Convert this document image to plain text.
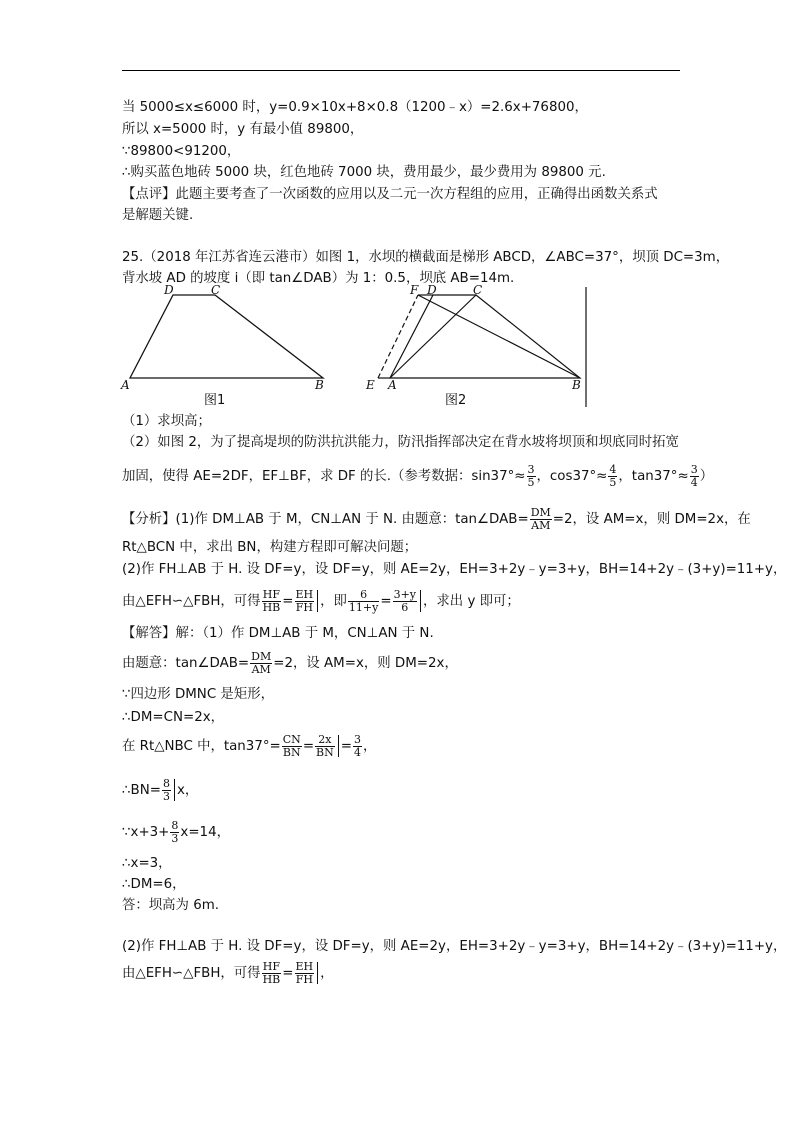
当 5000≤x≤6000 时，y=0.9×10x+8×0.8（1200﹣x）=2.6x+76800，
所以 x=5000 时，y 有最小值 89800，
∵89800<91200，
∴购买蓝色地砖 5000 块，红色地砖 7000 块，费用最少，最少费用为 89800 元.
【点评】此题主要考查了一次函数的应用以及二元一次方程组的应用，正确得出函数关系式
是解题关键.
25.（2018 年江苏省连云港市）如图 1，水坝的横截面是梯形 ABCD，∠ABC=37°，坝顶 DC=3m，
背水坡 AD 的坡度 i（即 tan∠DAB）为 1：0.5，坝底 AB=14m.
D	C
A	B
图1
F D	C
E A	B
图2
（1）求坝高；
（2）如图 2，为了提高堤坝的防洪抗洪能力，防汛指挥部决定在背水坡将坝顶和坝底同时拓宽
加固，使得 AE=2DF，EF⊥BF，求 DF 的长.（参考数据：$\sin 37^\circ\approx \frac{3}{5}$ ，$\cos 37^\circ\approx \frac{4}{5}$ ，$\tan 37^\circ\approx \frac{3}{4}$ ）
【分析】(1)作 DM⊥AB 于 M，CN⊥AN 于 N. 由题意：tan∠DAB= $\frac{DM}{AM} =2$，设 AM=x，则 DM=2x，在
Rt△BCN 中，求出 BN，构建方程即可解决问题；
(2)作 FH⊥AB 于 H. 设 DF=y，设 DF=y，则 AE=2y，EH=3+2y﹣y=3+y，BH=14+2y﹣(3+y)=11+y，
由△EFH∽△FBH，可得 $\frac{HF}{HB} = \frac{EH}{FH}$ ，即 $\frac{6}{11+y} = \frac{3+y}{6}$ ，求出 y 即可；
【解答】解：（1）作 DM⊥AB 于 M，CN⊥AN 于 N.
由题意：tan∠DAB= $\frac{DM}{AM} =2$，设 AM=x，则 DM=2x，
∵四边形 DMNC 是矩形，
∴DM=CN=2x，
在 Rt△NBC 中，$\tan 37^\circ= \frac{CN}{BN} = \frac{2x}{BN} = \frac{3}{4}$ ，
∴BN= $\frac{8}{3}$ x，
∵x+3+ $\frac{8}{3} x=14$，
∴x=3，
∴DM=6，
答：坝高为 6m.
(2)作 FH⊥AB 于 H. 设 DF=y，设 DF=y，则 AE=2y，EH=3+2y﹣y=3+y，BH=14+2y﹣(3+y)=11+y，
由△EFH∽△FBH，可得 $\frac{HF}{HB} = \frac{EH}{FH}$ ，
